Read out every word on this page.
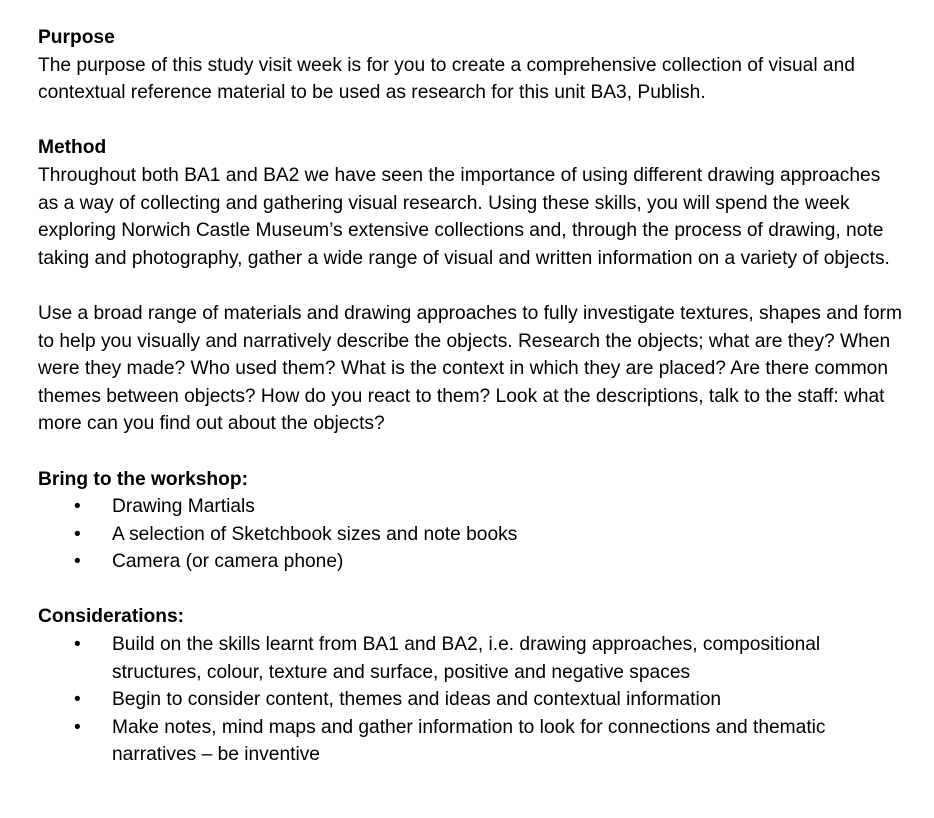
Purpose

The purpose of this study visit week is for you to create a comprehensive collection of visual and contextual reference material to be used as research for this unit BA3, Publish.

Method

Throughout both BA1 and BA2 we have seen the importance of using different drawing approaches as a way of collecting and gathering visual research. Using these skills, you will spend the week exploring Norwich Castle Museum’s extensive collections and, through the process of drawing, note taking and photography, gather a wide range of visual and written information on a variety of objects.

Use a broad range of materials and drawing approaches to fully investigate textures, shapes and form to help you visually and narratively describe the objects. Research the objects; what are they? When were they made? Who used them? What is the context in which they are placed? Are there common themes between objects? How do you react to them? Look at the descriptions, talk to the staff: what more can you find out about the objects?

Bring to the workshop:

• Drawing Martials
• A selection of Sketchbook sizes and note books
• Camera (or camera phone)

Considerations:

• Build on the skills learnt from BA1 and BA2, i.e. drawing approaches, compositional structures, colour, texture and surface, positive and negative spaces
• Begin to consider content, themes and ideas and contextual information
• Make notes, mind maps and gather information to look for connections and thematic narratives – be inventive
